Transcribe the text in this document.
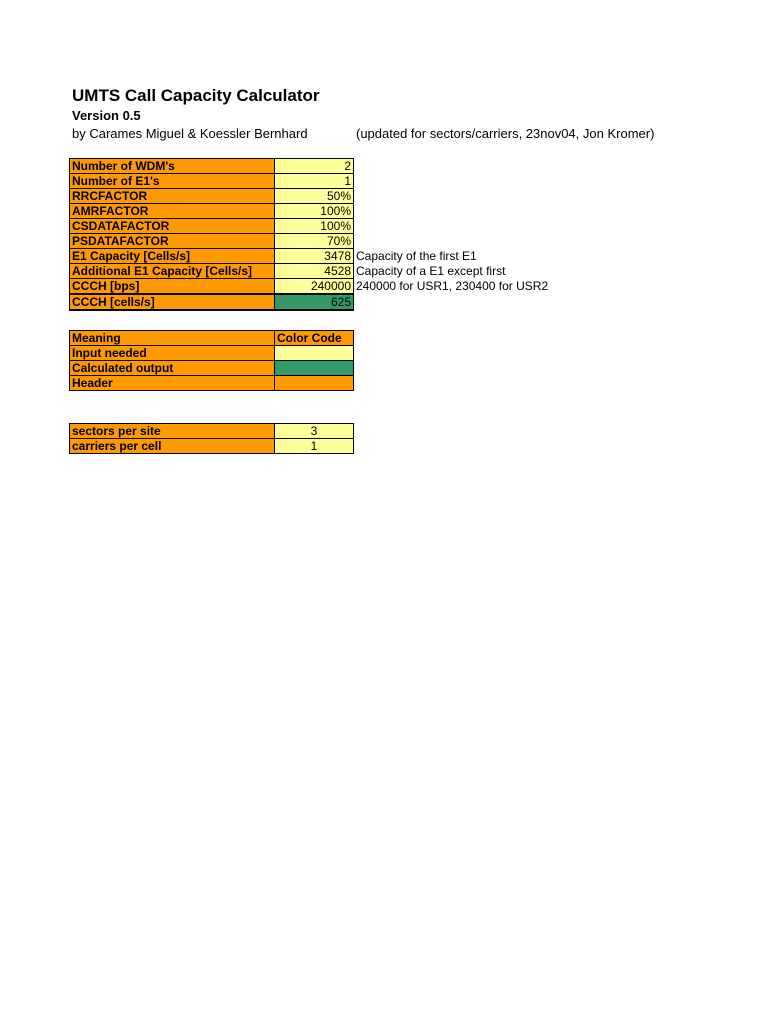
UMTS Call Capacity Calculator
Version 0.5
by Carames Miguel & Koessler Bernhard	(updated for sectors/carriers, 23nov04, Jon Kromer)
Number of WDM's	2	
Number of E1's	1	
RRCFACTOR	50%	
AMRFACTOR	100%	
CSDATAFACTOR	100%	
PSDATAFACTOR	70%	
E1 Capacity [Cells/s]	3478	Capacity of the first E1
Additional E1 Capacity [Cells/s]	4528	Capacity of a E1 except first
CCCH [bps]	240000	240000 for USR1, 230400 for USR2
CCCH [cells/s]	625	
Meaning	Color Code
Input needed	
Calculated output	
Header	
sectors per site	3
carriers per cell	1
